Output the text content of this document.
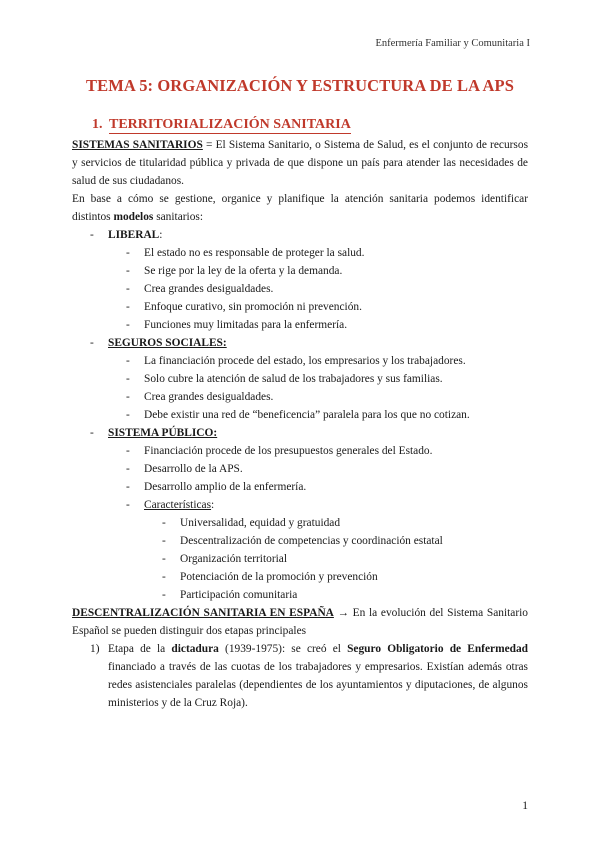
Enfermería Familiar y Comunitaria I
TEMA 5: ORGANIZACIÓN Y ESTRUCTURA DE LA APS
1. TERRITORIALIZACIÓN SANITARIA

SISTEMAS SANITARIOS = El Sistema Sanitario, o Sistema de Salud, es el conjunto de recursos y servicios de titularidad pública y privada de que dispone un país para atender las necesidades de salud de sus ciudadanos.

En base a cómo se gestione, organice y planifique la atención sanitaria podemos identificar distintos modelos sanitarios:

- LIBERAL:
- El estado no es responsable de proteger la salud.
- Se rige por la ley de la oferta y la demanda.
- Crea grandes desigualdades.
- Enfoque curativo, sin promoción ni prevención.
- Funciones muy limitadas para la enfermería.
- SEGUROS SOCIALES:
- La financiación procede del estado, los empresarios y los trabajadores.
- Solo cubre la atención de salud de los trabajadores y sus familias.
- Crea grandes desigualdades.
- Debe existir una red de “beneficencia” paralela para los que no cotizan.
- SISTEMA PÚBLICO:
- Financiación procede de los presupuestos generales del Estado.
- Desarrollo de la APS.
- Desarrollo amplio de la enfermería.
- Características:
- Universalidad, equidad y gratuidad
- Descentralización de competencias y coordinación estatal
- Organización territorial
- Potenciación de la promoción y prevención
- Participación comunitaria

DESCENTRALIZACIÓN SANITARIA EN ESPAÑA → En la evolución del Sistema Sanitario Español se pueden distinguir dos etapas principales

1) Etapa de la dictadura (1939-1975): se creó el Seguro Obligatorio de Enfermedad financiado a través de las cuotas de los trabajadores y empresarios. Existían además otras redes asistenciales paralelas (dependientes de los ayuntamientos y diputaciones, de algunos ministerios y de la Cruz Roja).
1
